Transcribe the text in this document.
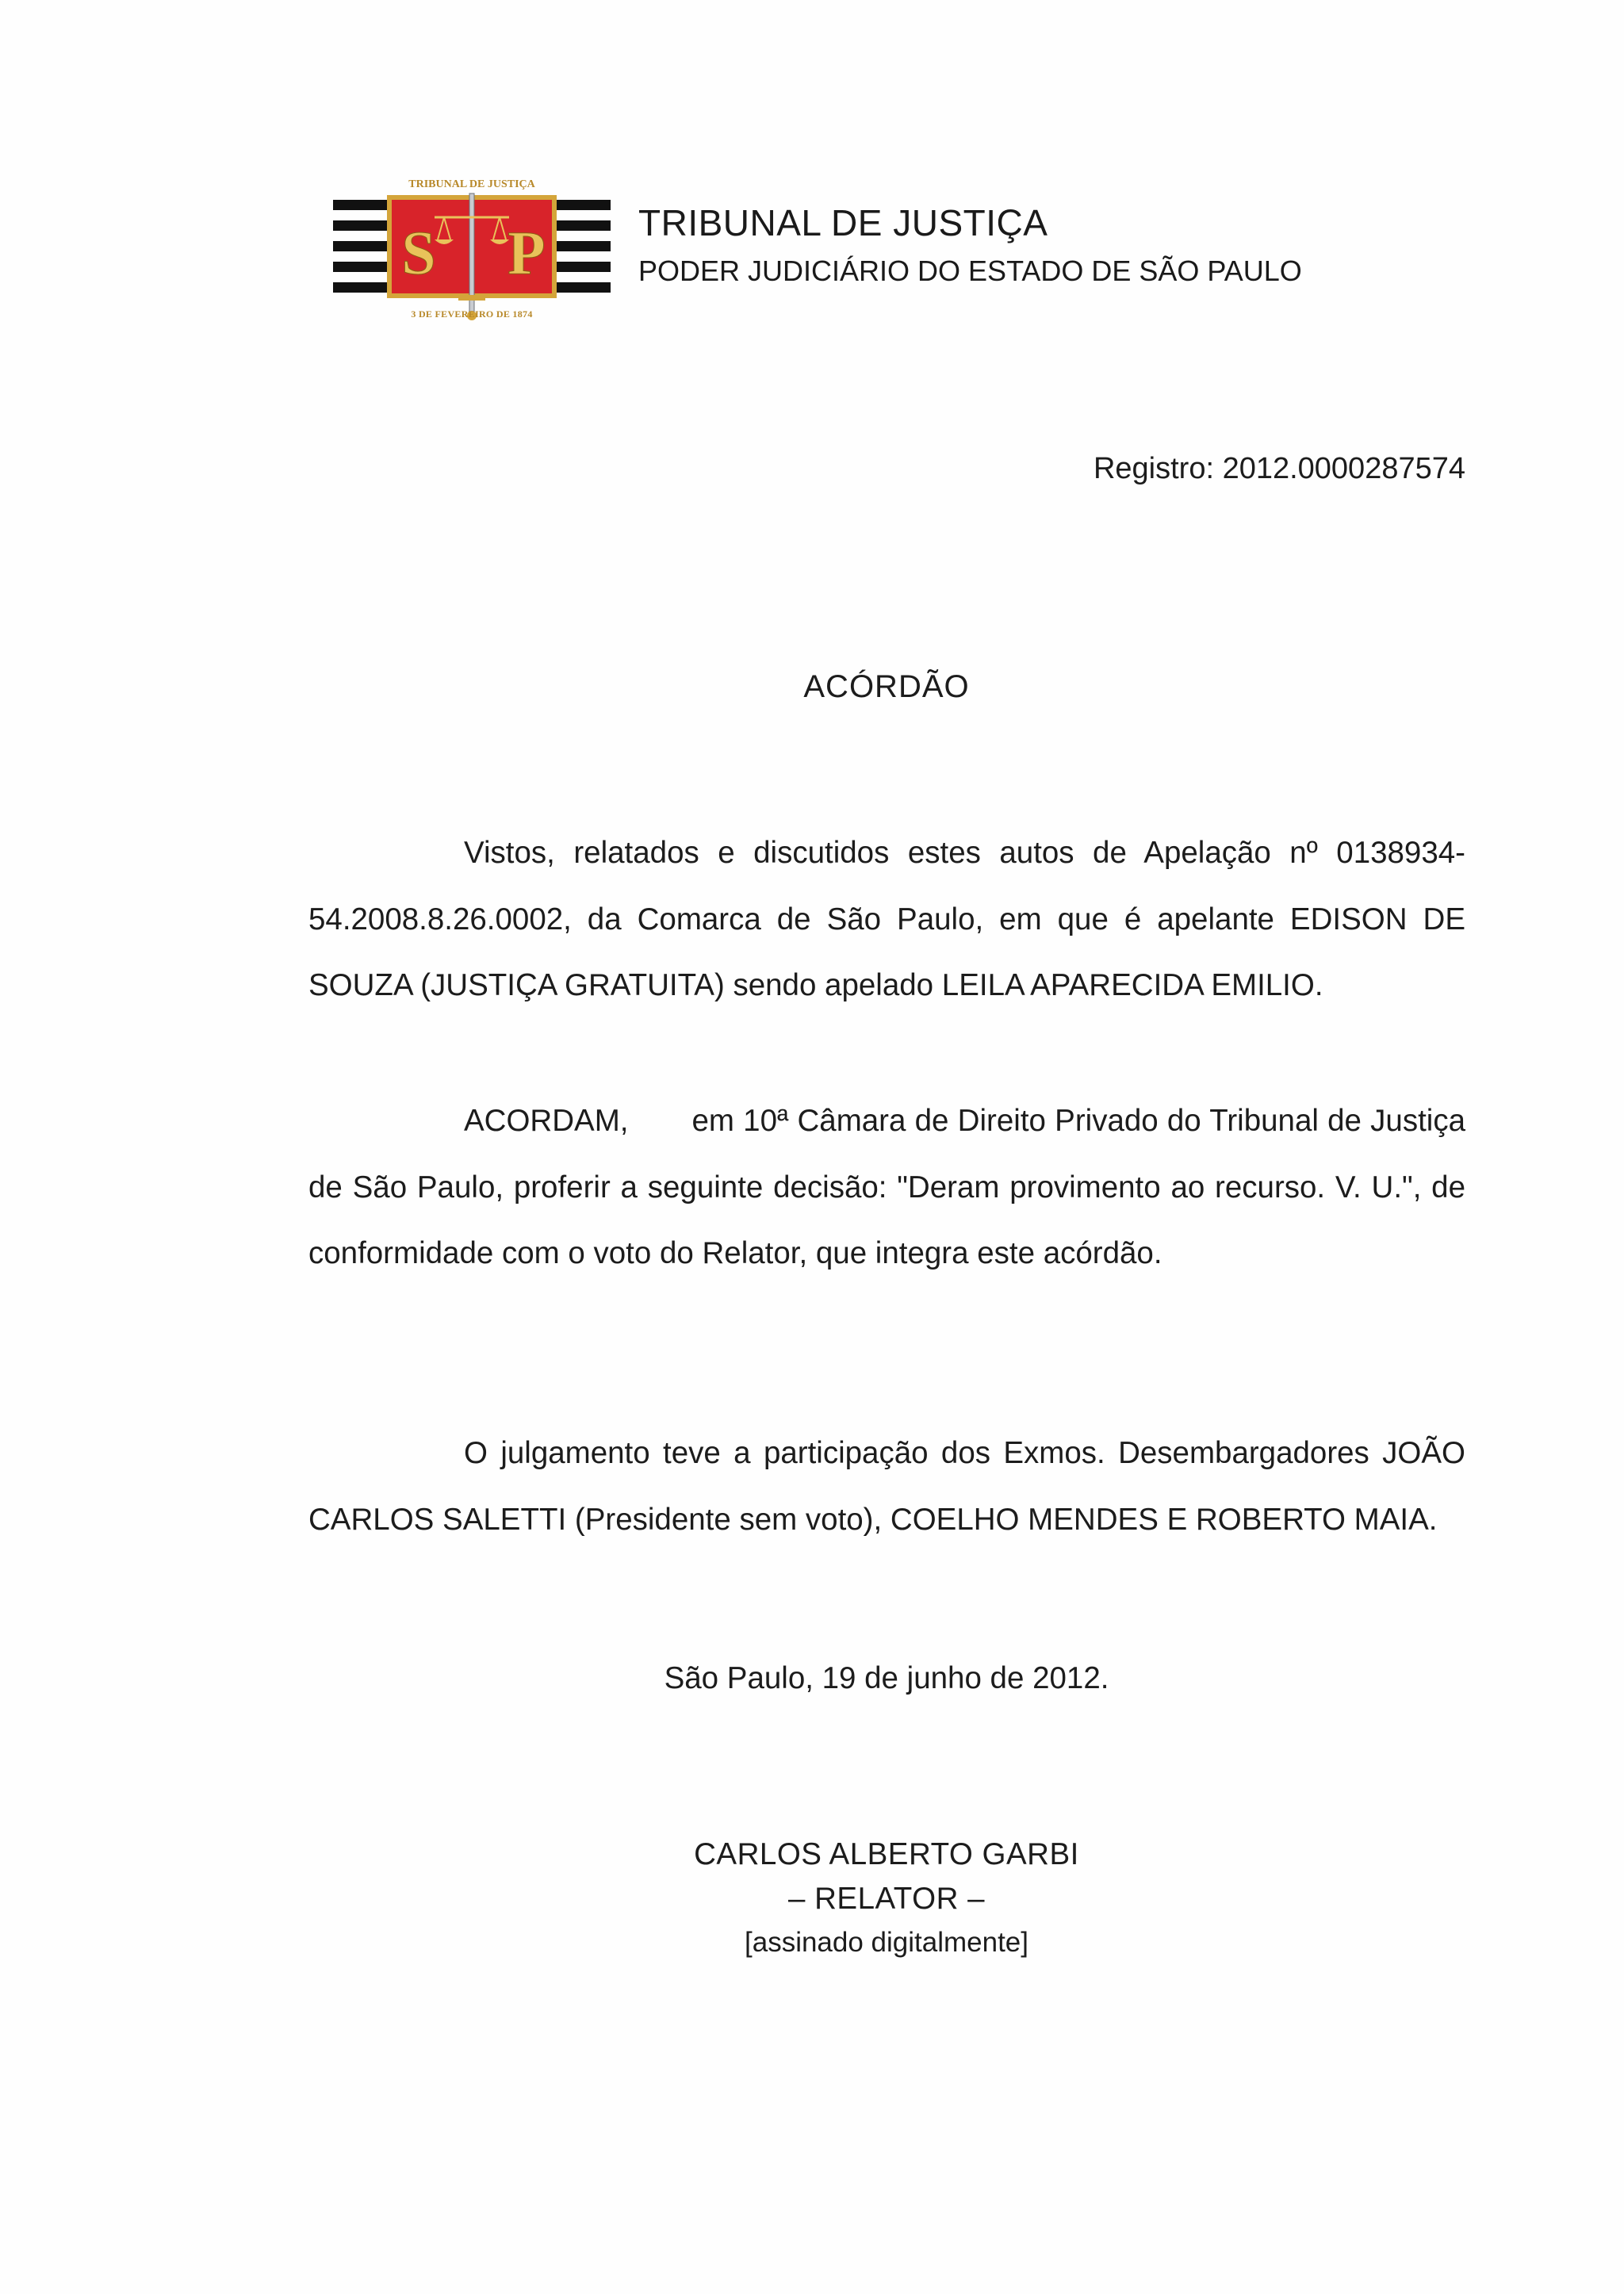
TRIBUNAL DE JUSTIÇA
S P
3 DE FEVEREIRO DE 1874
TRIBUNAL DE JUSTIÇA
PODER JUDICIÁRIO DO ESTADO DE SÃO PAULO
Registro: 2012.0000287574
ACÓRDÃO

Vistos, relatados e discutidos estes autos de Apelação nº 0138934-54.2008.8.26.0002, da Comarca de São Paulo, em que é apelante EDISON DE SOUZA (JUSTIÇA GRATUITA) sendo apelado LEILA APARECIDA EMILIO.

ACORDAM, em 10ª Câmara de Direito Privado do Tribunal de Justiça de São Paulo, proferir a seguinte decisão: "Deram provimento ao recurso. V. U.", de conformidade com o voto do Relator, que integra este acórdão.

O julgamento teve a participação dos Exmos. Desembargadores JOÃO CARLOS SALETTI (Presidente sem voto), COELHO MENDES E ROBERTO MAIA.

São Paulo, 19 de junho de 2012.
CARLOS ALBERTO GARBI
– RELATOR –
[assinado digitalmente]
